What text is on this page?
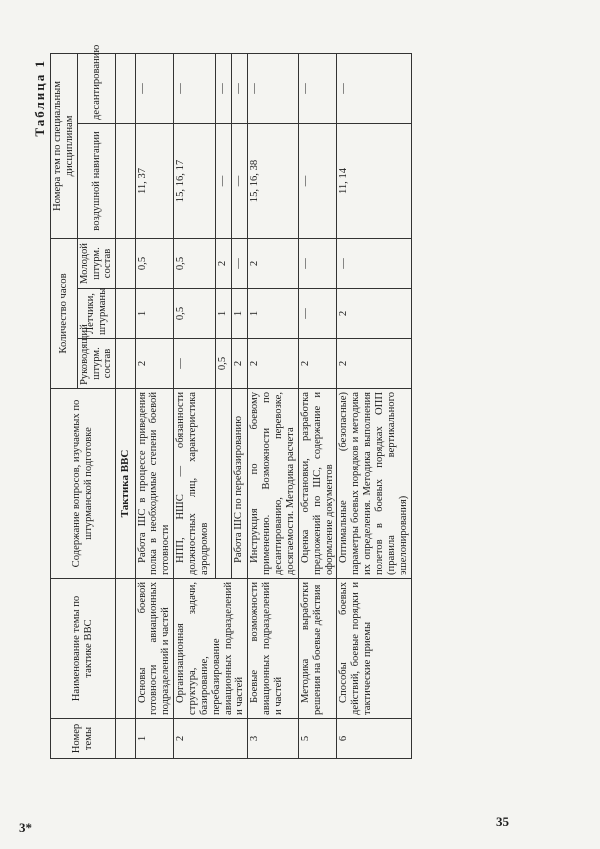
Таблица 1
Номер темы	Наименование темы по тактике ВВС	Содержание вопросов, изучаемых по штурманской подготовке	Количество часов			Номера тем по специальным дисциплинам	
			Руководящий штурм. состав	Летчики, штурманы	Молодой штурм. состав	воздушной навигации	десантированию
		Тактика ВВС					
1	Основы боевой готовности авиационных подразделений и частей	Работа ШС в процессе приведения полка в необходимые степени боевой готовности	2	1	0,5	11, 37	—
2	Организационная структура, задачи, базирование, перебазирование авиационных подразделений и частей	НПП, НШС — обязанности должностных лиц, характеристика аэродромов	—	0,5	0,5	15, 16, 17	—

			0,5	1	2	—	—

		Работа ШС по перебазированию	2	1	—	—	—
3	Боевые возможности авиационных подразделений и частей	Инструкция по боевому применению. Возможности по десантированию, перевозке, досягаемости. Методика расчета	2	1	2	15, 16, 38	—
5	Методика выработки решения на боевые действия	Оценка обстановки, разработка предложений по ШС, содержание и оформление документов	2	—	—	—	—
6	Способы боевых действий, боевые порядки и тактические приемы	Оптимальные (безопасные) параметры боевых порядков и методика их определения. Методика выполнения полетов в боевых порядках ОПП (правила вертикального эшелонирования)	2	2	—	11, 14	—
35
3*
